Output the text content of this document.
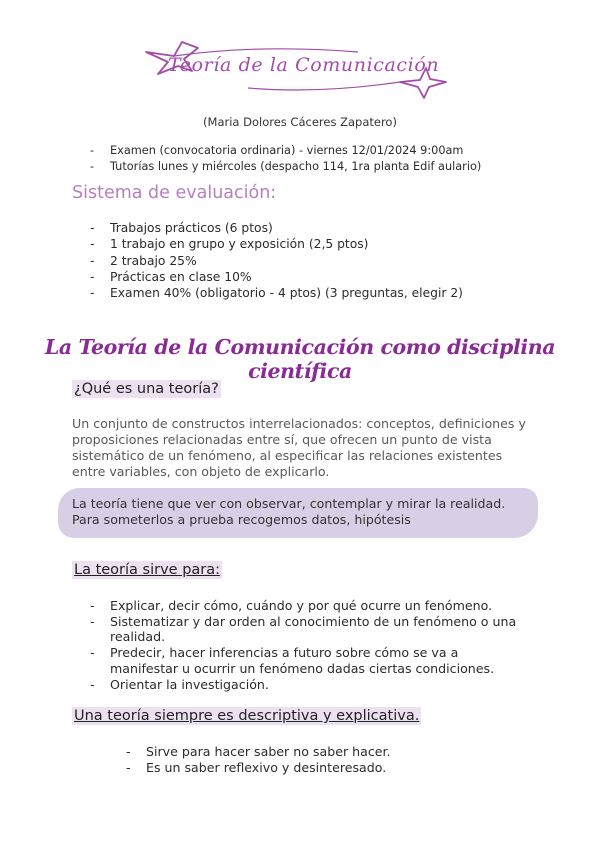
Teoría de la Comunicación
(Maria Dolores Cáceres Zapatero)
- Examen (convocatoria ordinaria) - viernes 12/01/2024 9:00am
- Tutorías lunes y miércoles (despacho 114, 1ra planta Edif aulario)
Sistema de evaluación:
- Trabajos prácticos (6 ptos)
- 1 trabajo en grupo y exposición (2,5 ptos)
- 2 trabajo 25%
- Prácticas en clase 10%
- Examen 40% (obligatorio - 4 ptos) (3 preguntas, elegir 2)
La Teoría de la Comunicación como disciplina científica
¿Qué es una teoría?
Un conjunto de constructos interrelacionados: conceptos, definiciones y proposiciones relacionadas entre sí, que ofrecen un punto de vista sistemático de un fenómeno, al especificar las relaciones existentes entre variables, con objeto de explicarlo.
La teoría tiene que ver con observar, contemplar y mirar la realidad.
Para someterlos a prueba recogemos datos, hipótesis
La teoría sirve para:
- Explicar, decir cómo, cuándo y por qué ocurre un fenómeno.
- Sistematizar y dar orden al conocimiento de un fenómeno o una realidad.
- Predecir, hacer inferencias a futuro sobre cómo se va a manifestar u ocurrir un fenómeno dadas ciertas condiciones.
- Orientar la investigación.
Una teoría siempre es descriptiva y explicativa.
- Sirve para hacer saber no saber hacer.
- Es un saber reflexivo y desinteresado.
